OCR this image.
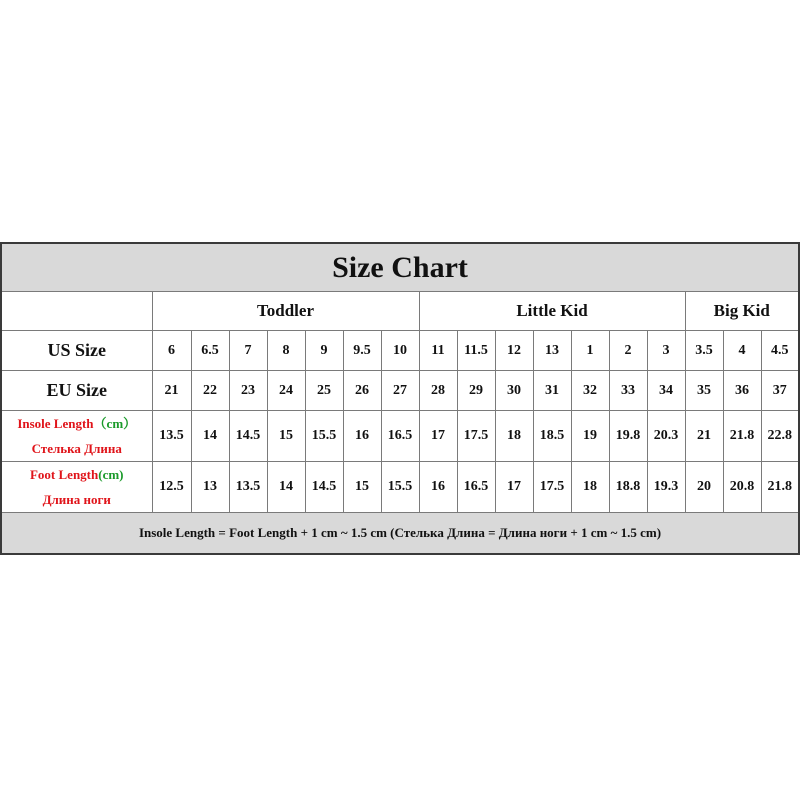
Size Chart																	
	Toddler							Little Kid							Big Kid		
US Size	6	6.5	7	8	9	9.5	10	11	11.5	12	13	1	2	3	3.5	4	4.5
EU Size	21	22	23	24	25	26	27	28	29	30	31	32	33	34	35	36	37

Insole Length（cm）
Стелька Длина	13.5	14	14.5	15	15.5	16	16.5	17	17.5	18	18.5	19	19.8	20.3	21	21.8	22.8

Foot Length(cm)
Длина ноги	12.5	13	13.5	14	14.5	15	15.5	16	16.5	17	17.5	18	18.8	19.3	20	20.8	21.8
Insole Length = Foot Length + 1 cm ~ 1.5 cm (Стелька Длина = Длина ноги + 1 cm ~ 1.5 cm)																	
